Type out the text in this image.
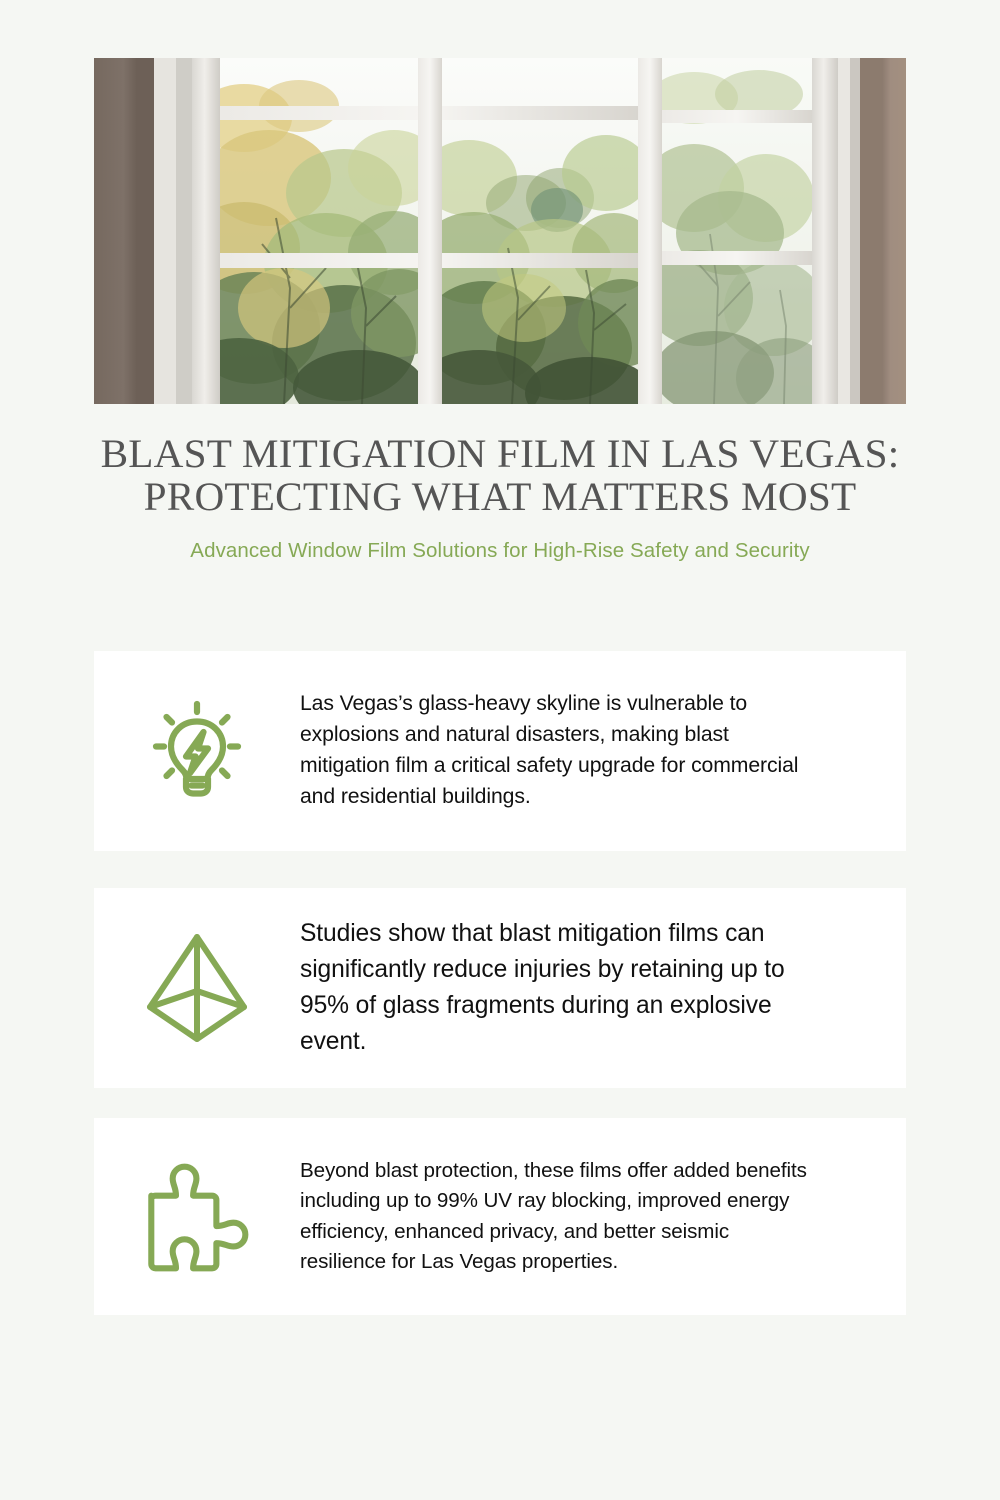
BLAST MITIGATION FILM IN LAS VEGAS: PROTECTING WHAT MATTERS MOST
Advanced Window Film Solutions for High-Rise Safety and Security
Las Vegas’s glass-heavy skyline is vulnerable to explosions and natural disasters, making blast mitigation film a critical safety upgrade for commercial and residential buildings.
Studies show that blast mitigation films can significantly reduce injuries by retaining up to 95% of glass fragments during an explosive event.
Beyond blast protection, these films offer added benefits including up to 99% UV ray blocking, improved energy efficiency, enhanced privacy, and better seismic resilience for Las Vegas properties.
